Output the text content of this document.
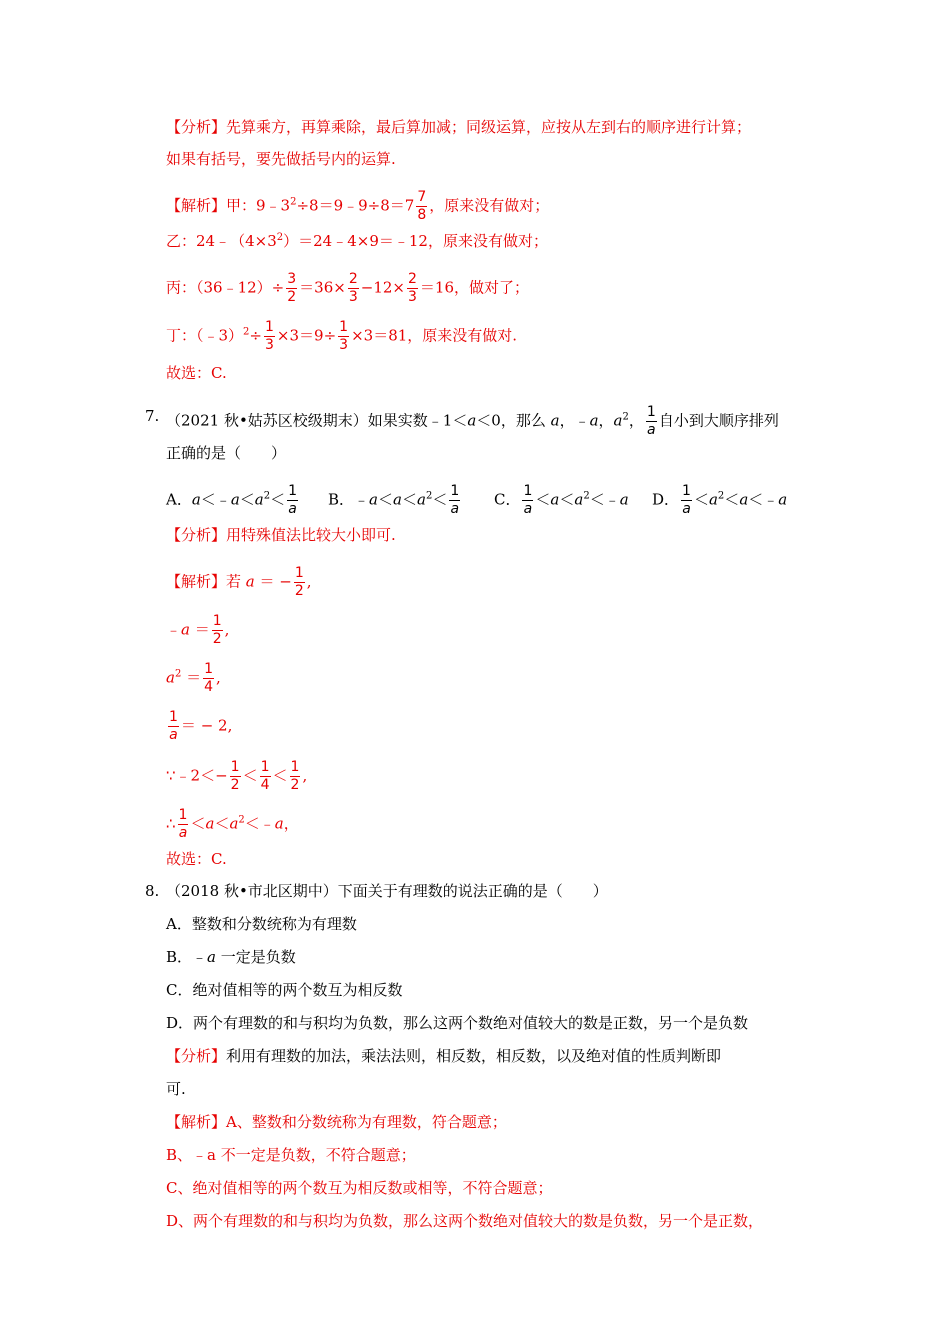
【分析】先算乘方，再算乘除，最后算加减；同级运算，应按从左到右的顺序进行计算；
如果有括号，要先做括号内的运算.
【解析】甲：$9﹣3^2\div 8=9﹣9\div 8=7 \frac{7}{8}$ ，原来没有做对；
乙：$24﹣(4\times 3^2)=24﹣4\times 9=﹣12$，原来没有做对；
丙：（36﹣12）÷ $\frac{3}{2} =36\times \frac{2}{3} -12\times \frac{2}{3} =16$，做对了；
丁：（﹣3）$^2$÷ $\frac{1}{3} \times 3=9\div \frac{1}{3} \times 3=81$，原来没有做对.
故选：C.
7. （2021 秋•姑苏区校级期末）如果实数﹣1＜a＜0，那么 a，﹣a，$a^2$， $\frac{1}{a}$ 自小到大顺序排列
正确的是（　　）
A．$a<﹣a<a^2< \frac{1}{a}$ B．$﹣a<a<a^2< \frac{1}{a}$ C． $\frac{1}{a}$ $<a<a^2<﹣a$ D． $\frac{1}{a}$ $<a^2<a<﹣a$
【分析】用特殊值法比较大小即可.
【解析】若 a ＝ − $\frac{1}{2}$ ,
﹣a ＝ $\frac{1}{2}$ ,
$a^2 = \frac{1}{4}$ ,
$\frac{1}{a}$ ＝ − 2,
∵﹣2＜− $\frac{1}{2} < \frac{1}{4} < \frac{1}{2}$ ,
∴ $\frac{1}{a}$ $<a<a^2<﹣a$，
故选：C.
8. （2018 秋•市北区期中）下面关于有理数的说法正确的是（　　）
A．整数和分数统称为有理数
B．﹣a 一定是负数
C．绝对值相等的两个数互为相反数
D．两个有理数的和与积均为负数，那么这两个数绝对值较大的数是正数，另一个是负数
【分析】利用有理数的加法，乘法法则，相反数，相反数，以及绝对值的性质判断即
可.
【解析】A、整数和分数统称为有理数，符合题意；
B、﹣a 不一定是负数，不符合题意；
C、绝对值相等的两个数互为相反数或相等，不符合题意；
D、两个有理数的和与积均为负数，那么这两个数绝对值较大的数是负数，另一个是正数，
